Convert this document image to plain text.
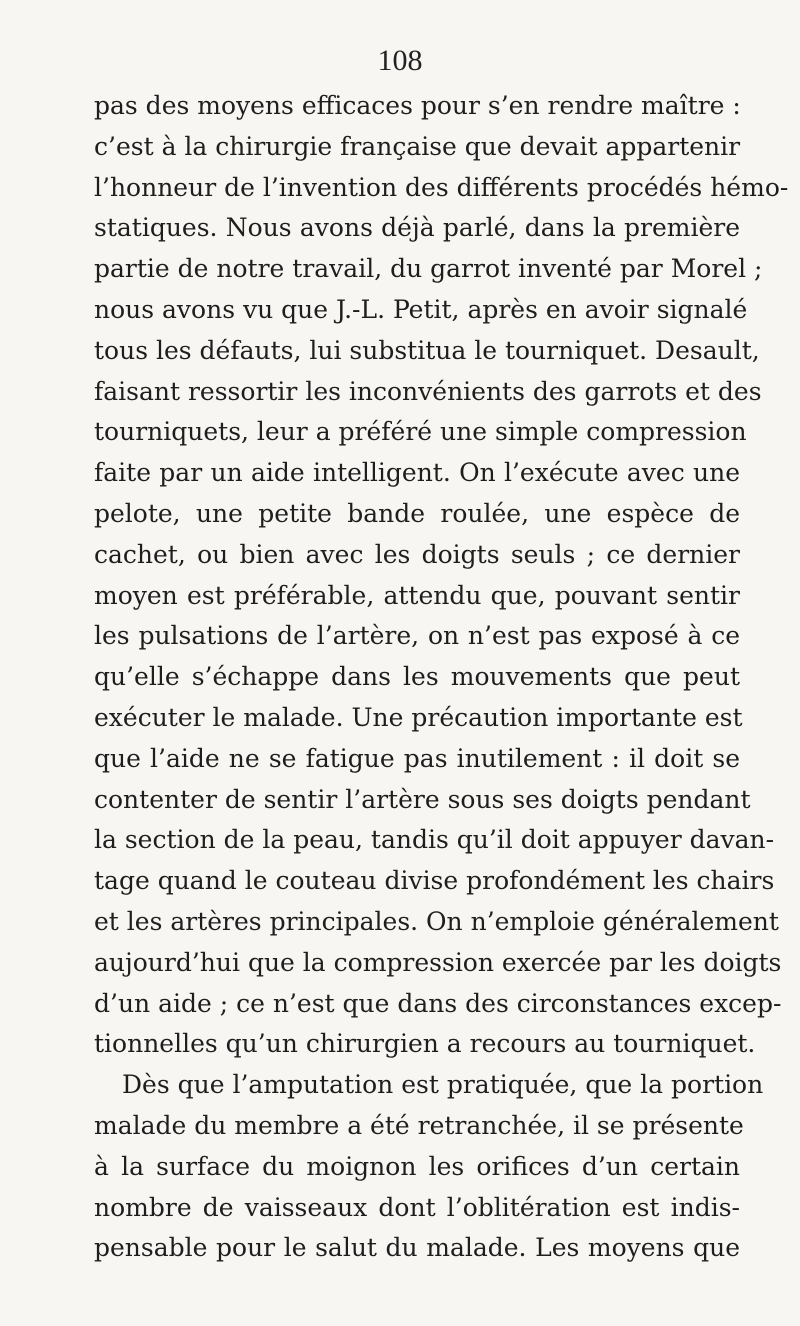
108
pas des moyens efficaces pour s’en rendre maître :
c’est à la chirurgie française que devait appartenir
l’honneur de l’invention des différents procédés hémo-
statiques. Nous avons déjà parlé, dans la première
partie de notre travail, du garrot inventé par Morel ;
nous avons vu que J.-L. Petit, après en avoir signalé
tous les défauts, lui substitua le tourniquet. Desault,
faisant ressortir les inconvénients des garrots et des
tourniquets, leur a préféré une simple compression
faite par un aide intelligent. On l’exécute avec une
pelote, une petite bande roulée, une espèce de
cachet, ou bien avec les doigts seuls ; ce dernier
moyen est préférable, attendu que, pouvant sentir
les pulsations de l’artère, on n’est pas exposé à ce
qu’elle s’échappe dans les mouvements que peut
exécuter le malade. Une précaution importante est
que l’aide ne se fatigue pas inutilement : il doit se
contenter de sentir l’artère sous ses doigts pendant
la section de la peau, tandis qu’il doit appuyer davan-
tage quand le couteau divise profondément les chairs
et les artères principales. On n’emploie généralement
aujourd’hui que la compression exercée par les doigts
d’un aide ; ce n’est que dans des circonstances excep-
tionnelles qu’un chirurgien a recours au tourniquet.
Dès que l’amputation est pratiquée, que la portion
malade du membre a été retranchée, il se présente
à la surface du moignon les orifices d’un certain
nombre de vaisseaux dont l’oblitération est indis-
pensable pour le salut du malade. Les moyens que
